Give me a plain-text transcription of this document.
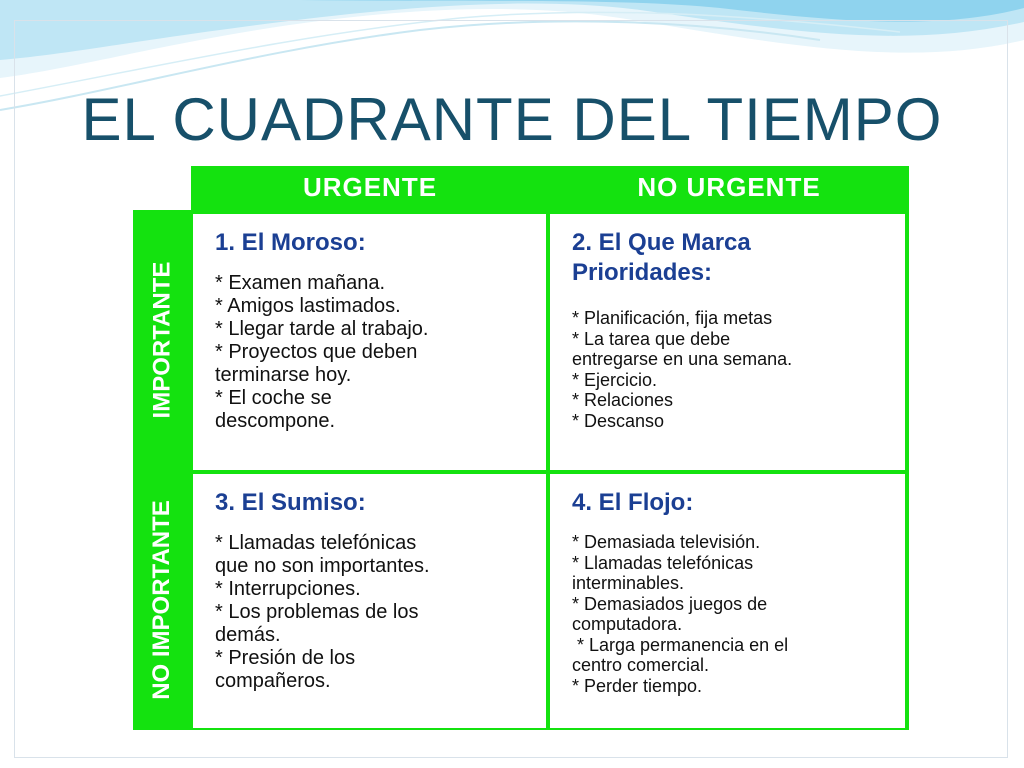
EL CUADRANTE DEL TIEMPO
URGENTE	NO URGENTE
IMPORTANTE
NO IMPORTANTE
1. El Moroso:
* Examen mañana.
* Amigos lastimados.
* Llegar tarde al trabajo.
* Proyectos que deben
terminarse hoy.
* El coche se
descompone.
2. El Que Marca Prioridades:
* Planificación, fija metas
* La tarea que debe
entregarse en una semana.
* Ejercicio.
* Relaciones
* Descanso
3. El Sumiso:
* Llamadas telefónicas
que no son importantes.
* Interrupciones.
* Los problemas de los
demás.
* Presión de los
compañeros.
4. El Flojo:
* Demasiada televisión.
* Llamadas telefónicas
interminables.
* Demasiados juegos de
computadora.
* Larga permanencia en el
centro comercial.
* Perder tiempo.
